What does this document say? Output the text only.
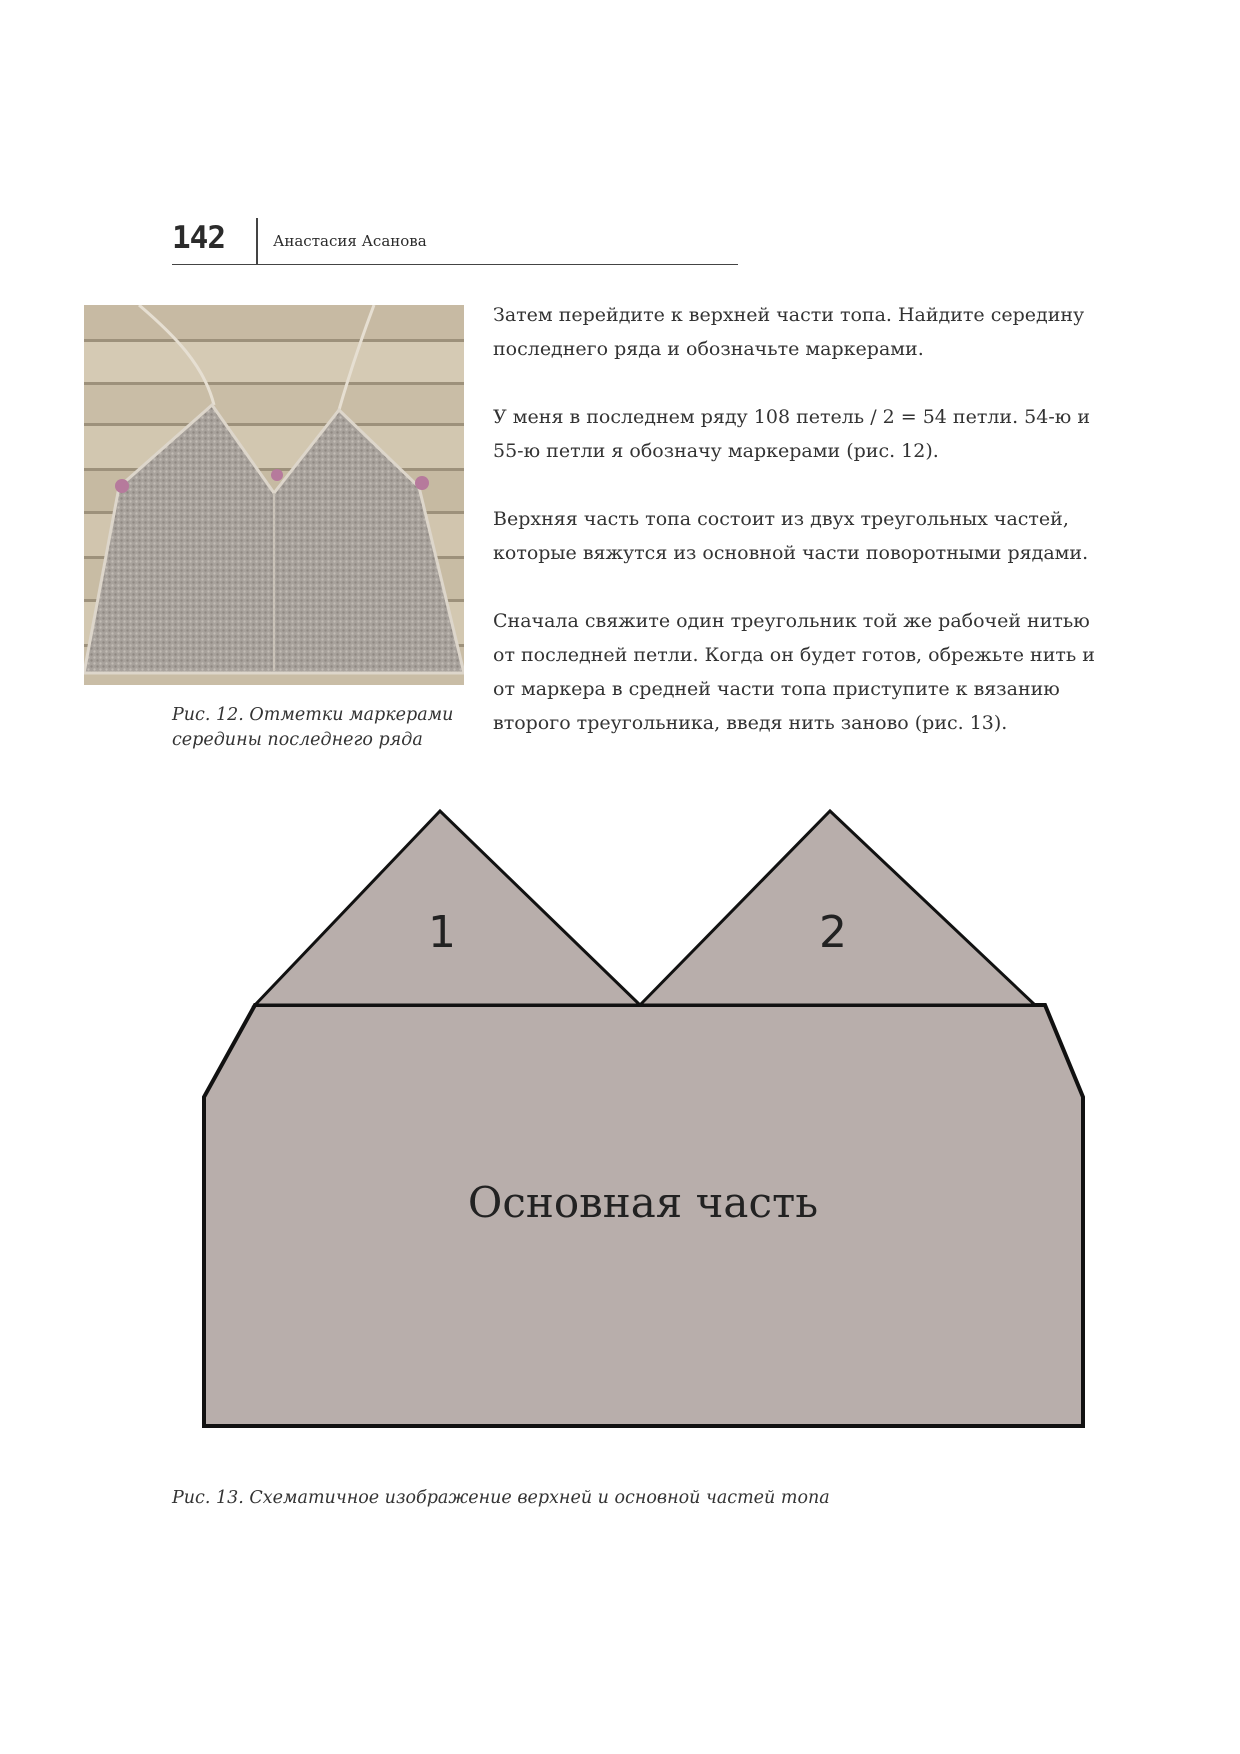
142	Анастасия Асанова
Рис. 12. Отметки маркерами середины последнего ряда

Затем перейдите к верхней части топа. Найдите середину последнего ряда и обозначьте маркерами.

У меня в последнем ряду 108 петель / 2 = 54 петли. 54-ю и 55-ю петли я обозначу маркерами (рис. 12).

Верхняя часть топа состоит из двух треугольных частей, которые вяжутся из основной части поворотными рядами.

Сначала свяжите один треугольник той же рабочей нитью от последней петли. Когда он будет готов, обрежьте нить и от маркера в средней части топа приступите к вязанию второго треугольника, введя нить заново (рис. 13).

1	2
Основная часть
Рис. 13. Схематичное изображение верхней и основной частей топа
